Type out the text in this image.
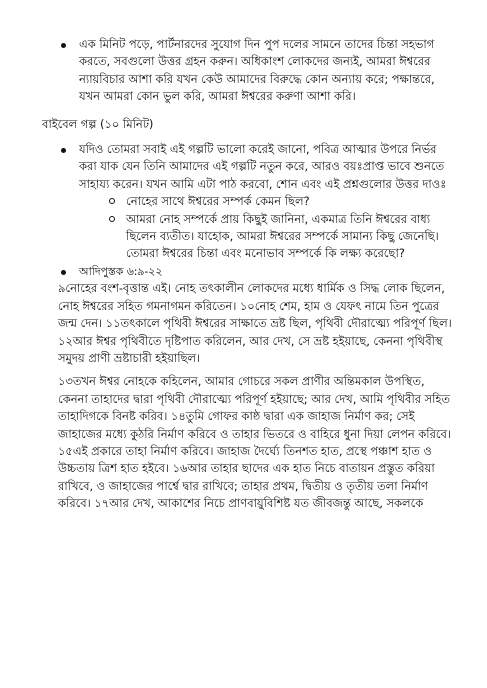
এক মিনিট পড়ে, পার্টনারদের সুযোগ দিন পুপ দলের সামনে তাদের চিন্তা সহভাগ করতে, সবগুলো উত্তর গ্রহন করুন। অধিকাংশ লোকদের জন্যই, আমরা ঈশ্বরের ন্যায়বিচার আশা করি যখন কেউ আমাদের বিরুদ্ধে কোন অন্যায় করে; পক্ষান্তরে, যখন আমরা কোন ভুল করি, আমরা ঈশ্বরের করুণা আশা করি।
বাইবেল গল্প (১০ মিনিট)
যদিও তোমরা সবাই এই গল্পটি ভালো করেই জানো, পবিত্র আত্মার উপরে নির্ভর করা যাক যেন তিনি আমাদের এই গল্পটি নতুন করে, আরও বয়ঃপ্রাপ্ত ভাবে শুনতে সাহায্য করেন। যখন আমি এটা পাঠ করবো, শোন এবং এই প্রশ্নগুলোর উত্তর দাওঃ
নোহের সাথে ঈশ্বরের সম্পর্ক কেমন ছিল?
আমরা নোহ সম্পর্কে প্রায় কিছুই জানিনা, একমাত্র তিনি ঈশ্বরের বাধ্য ছিলেন ব্যতীত। যাহোক, আমরা ঈশ্বরের সম্পর্কে সামান্য কিছু জেনেছি। তোমরা ঈশ্বরের চিন্তা এবং মনোভাব সম্পর্কে কি লক্ষ্য করেছো?
আদিপুস্তক ৬:৯-২২

৯নোহের বংশ-বৃত্তান্ত এই। নোহ তৎকালীন লোকদের মধ্যে ধার্মিক ও সিদ্ধ লোক ছিলেন, নোহ ঈশ্বরের সহিত গমনাগমন করিতেন। ১০নোহ শেম, হাম ও যেফৎ নামে তিন পুত্রের জন্ম দেন। ১১তৎকালে পৃথিবী ঈশ্বরের সাক্ষাতে ভ্রষ্ট ছিল, পৃথিবী দৌরাত্ম্যে পরিপূর্ণ ছিল। ১২আর ঈশ্বর পৃথিবীতে দৃষ্টিপাত করিলেন, আর দেখ, সে ভ্রষ্ট হইয়াছে, কেননা পৃথিবীস্থ সমুদয় প্রাণী ভ্রষ্টাচারী হইয়াছিল।

১৩তখন ঈশ্বর নোহকে কহিলেন, আমার গোচরে সকল প্রাণীর অন্তিমকাল উপস্থিত, কেননা তাহাদের দ্বারা পৃথিবী দৌরাত্ম্যে পরিপূর্ণ হইয়াছে; আর দেখ, আমি পৃথিবীর সহিত তাহাদিগকে বিনষ্ট করিব। ১৪তুমি গোফর কাষ্ঠ দ্বারা এক জাহাজ নির্মাণ কর; সেই জাহাজের মধ্যে কুঠরি নির্মাণ করিবে ও তাহার ভিতরে ও বাহিরে ধুনা দিয়া লেপন করিবে। ১৫এই প্রকারে তাহা নির্মাণ করিবে। জাহাজ দৈর্ঘ্যে তিনশত হাত, প্রস্থে পঞ্চাশ হাত ও উচ্চতায় ত্রিশ হাত হইবে। ১৬আর তাহার ছাদের এক হাত নিচে বাতায়ন প্রস্তুত করিয়া রাখিবে, ও জাহাজের পার্শ্বে দ্বার রাখিবে; তাহার প্রথম, দ্বিতীয় ও তৃতীয় তলা নির্মাণ করিবে। ১৭আর দেখ, আকাশের নিচে প্রাণবায়ুবিশিষ্ট যত জীবজন্তু আছে, সকলকে
